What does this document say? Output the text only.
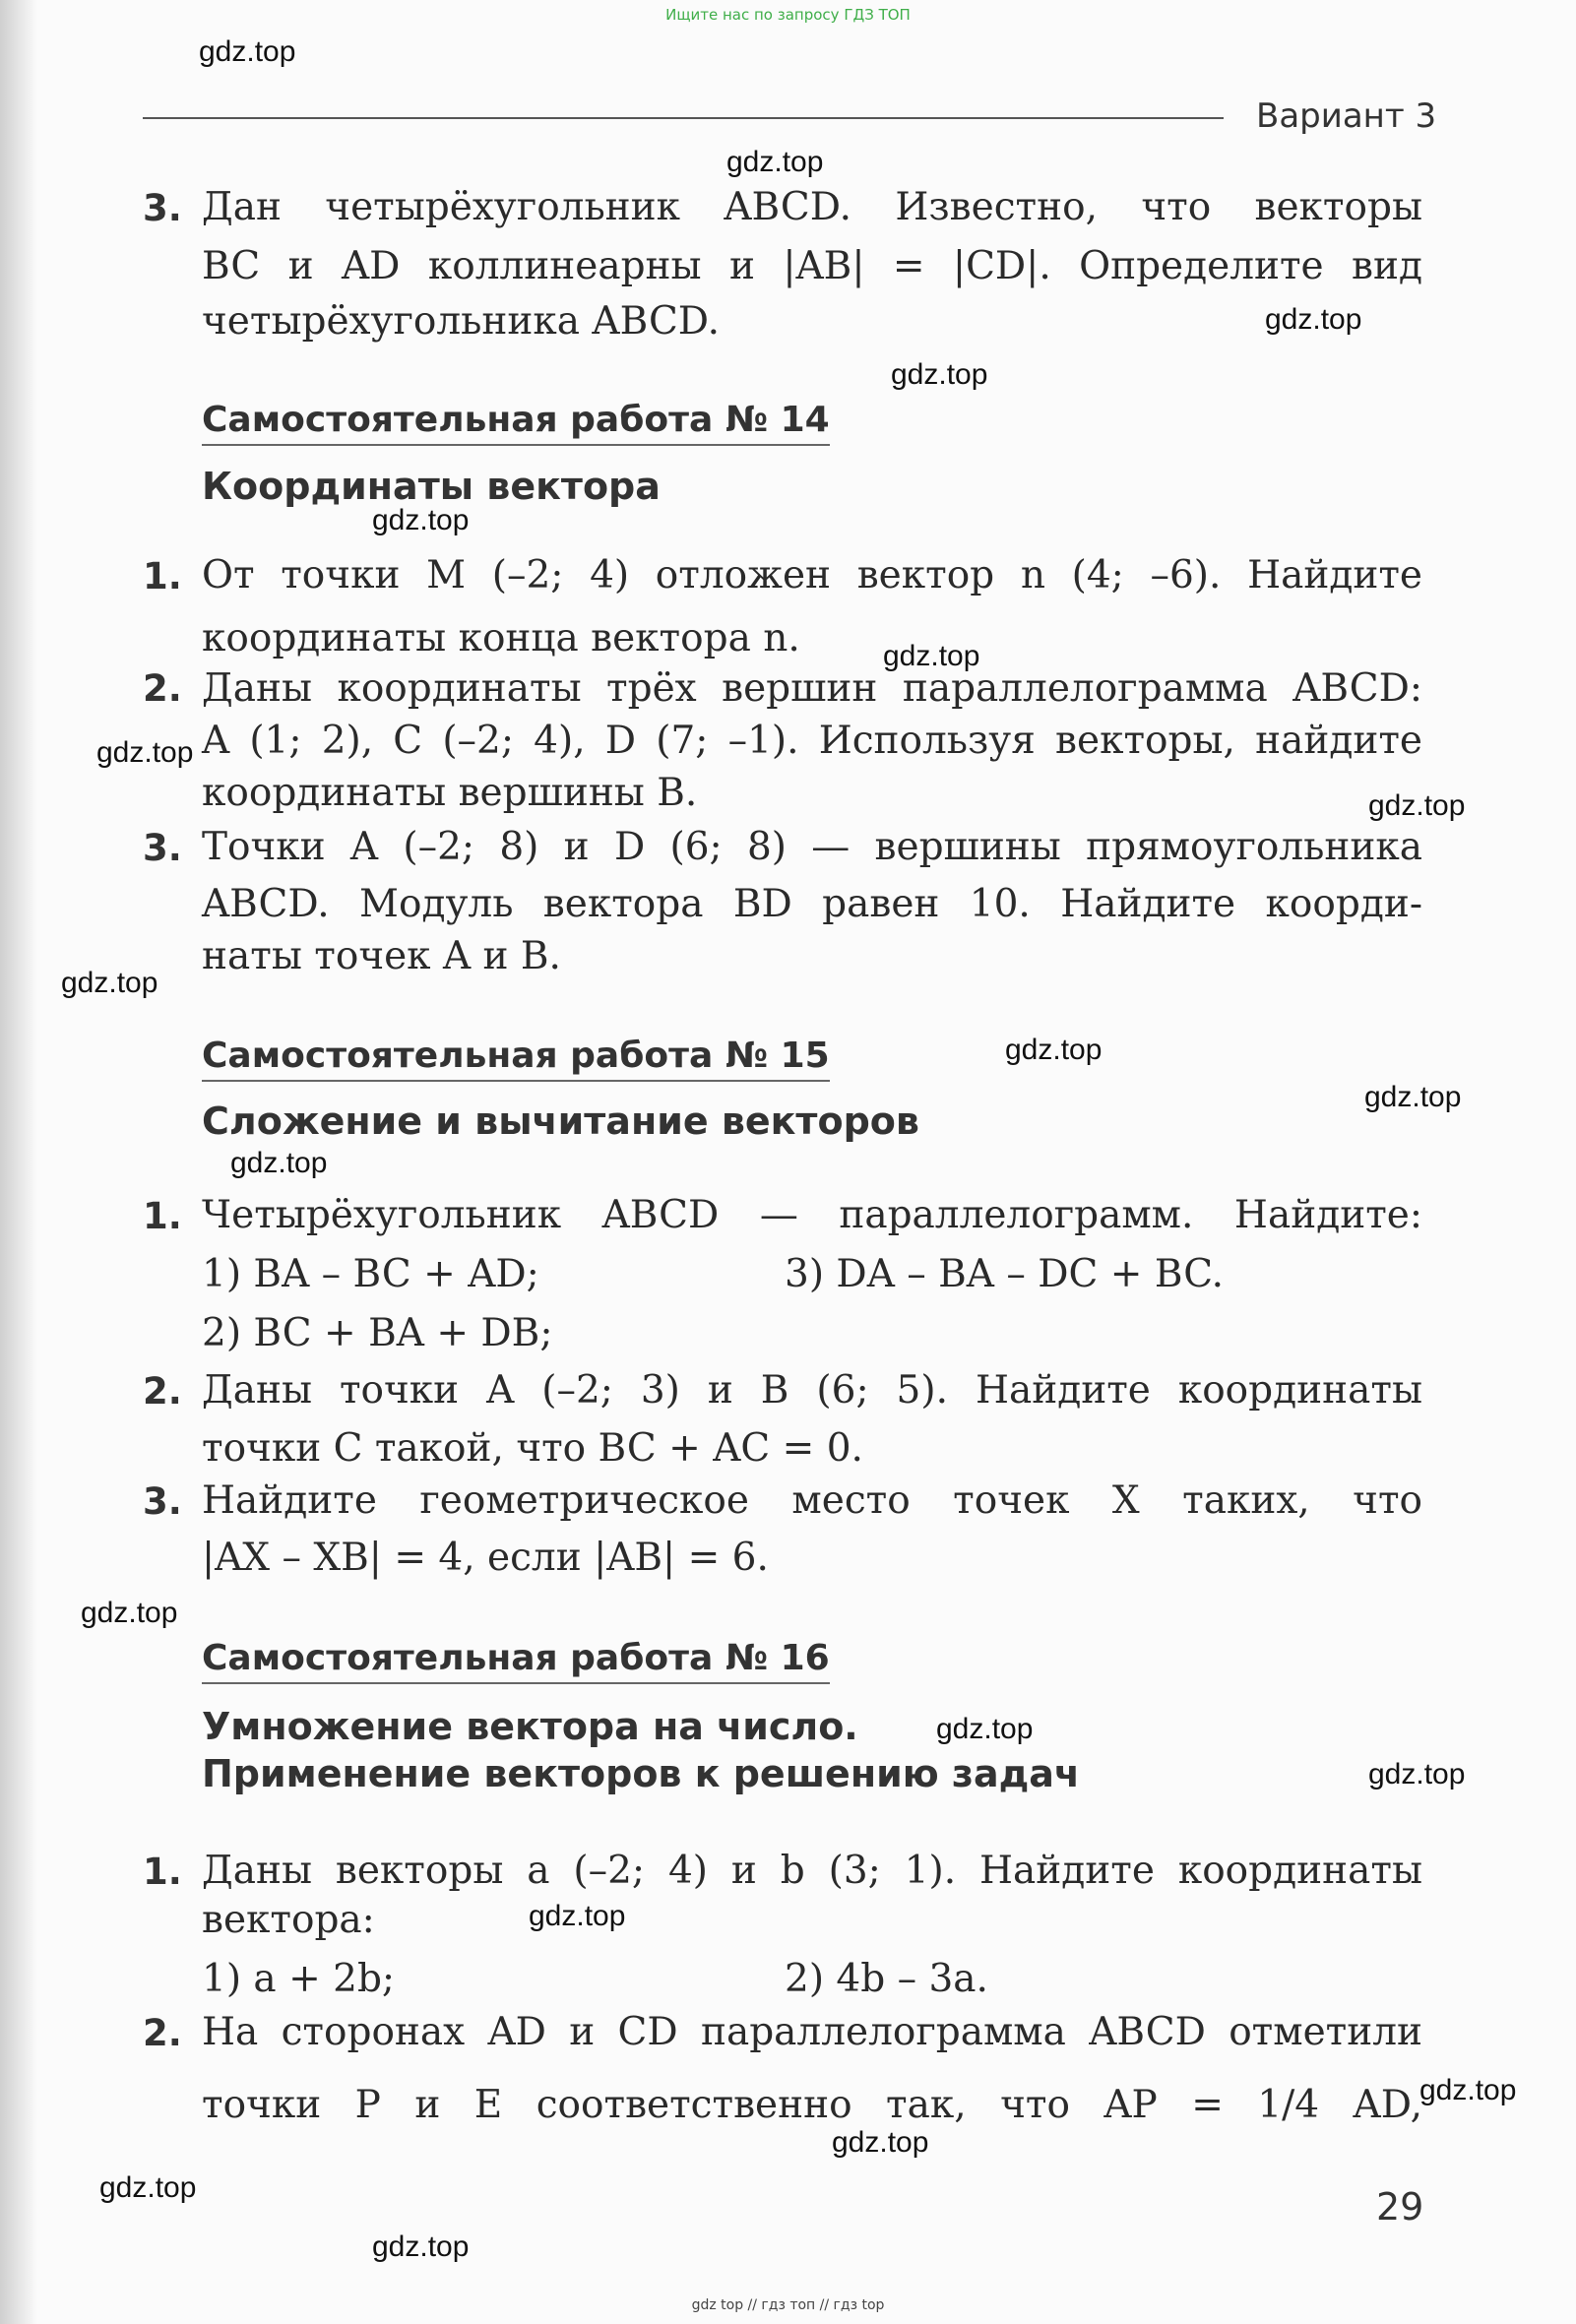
Ищите нас по запросу ГДЗ ТОП
gdz.top
gdz.top
gdz.top
gdz.top
gdz.top
gdz.top
gdz.top
gdz.top
gdz.top
gdz.top
gdz.top
gdz.top
gdz.top
gdz.top
gdz.top
gdz.top
gdz.top
gdz.top
gdz.top
gdz.top
Вариант 3
3. Дан четырёхугольник ABCD. Известно, что векторы
BC и AD коллинеарны и |AB| = |CD|. Определите вид
четырёхугольника ABCD.
Самостоятельная работа № 14
Координаты вектора
1. От точки M (–2; 4) отложен вектор n (4; –6). Найдите
координаты конца вектора n.
2. Даны координаты трёх вершин параллелограмма ABCD:
A (1; 2), C (–2; 4), D (7; –1). Используя векторы, найдите
координаты вершины B.
3. Точки A (–2; 8) и D (6; 8) — вершины прямоугольника
ABCD. Модуль вектора BD равен 10. Найдите коорди-
наты точек A и B.
Самостоятельная работа № 15
Сложение и вычитание векторов
1. Четырёхугольник ABCD — параллелограмм. Найдите:
1) BA – BC + AD;	3) DA – BA – DC + BC.
2) BC + BA + DB;
2. Даны точки A (–2; 3) и B (6; 5). Найдите координаты
точки C такой, что BC + AC = 0.
3. Найдите геометрическое место точек X таких, что
|AX – XB| = 4, если |AB| = 6.
Самостоятельная работа № 16
Умножение вектора на число.
Применение векторов к решению задач
1. Даны векторы a (–2; 4) и b (3; 1). Найдите координаты
вектора:
1) a + 2b;	2) 4b – 3a.
2. На сторонах AD и CD параллелограмма ABCD отметили
точки P и E соответственно так, что AP = 1/4 AD,
29
gdz top // гдз топ // гдз top
